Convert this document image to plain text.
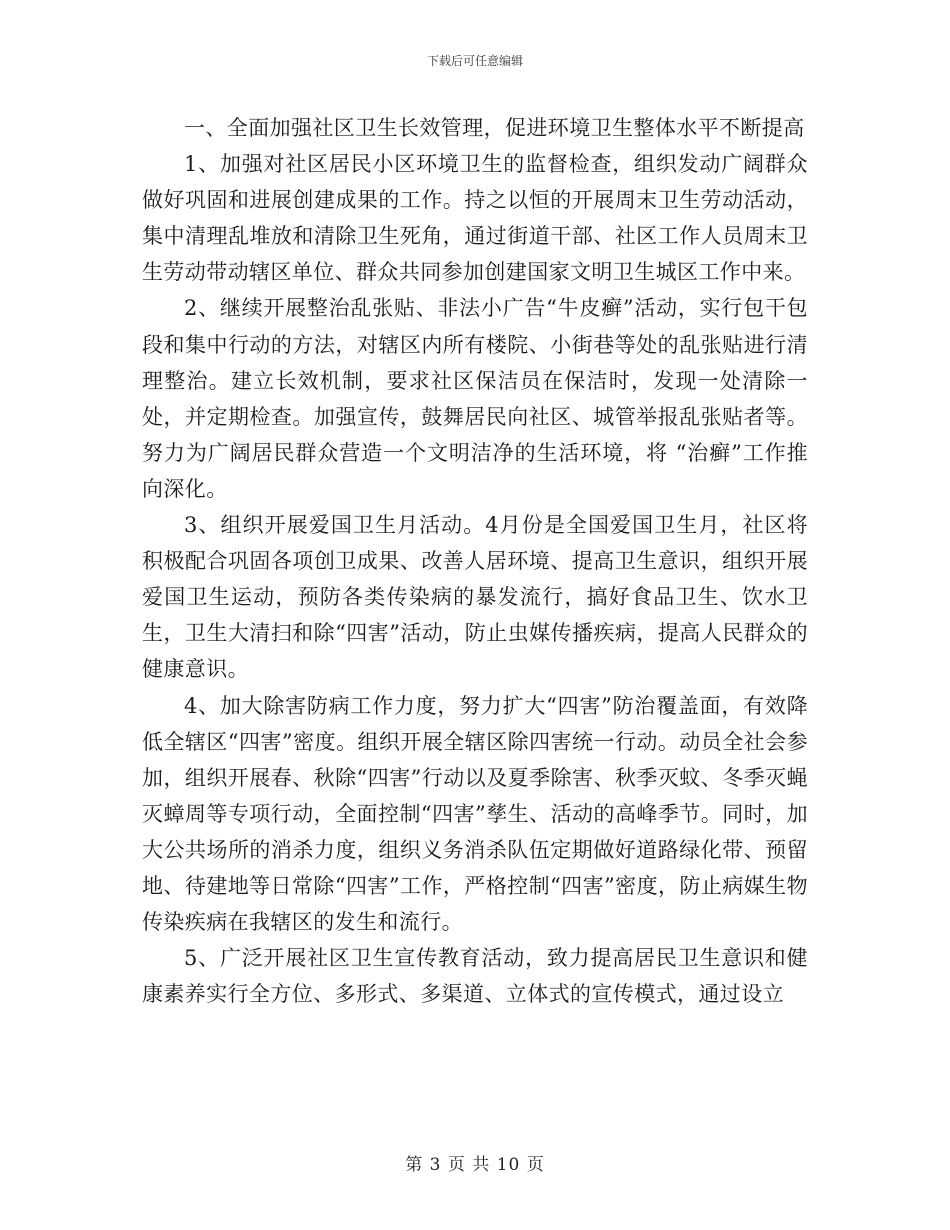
下载后可任意编辑

一、全面加强社区卫生长效管理，促进环境卫生整体水平不断提高

1、加强对社区居民小区环境卫生的监督检查，组织发动广阔群众做好巩固和进展创建成果的工作。持之以恒的开展周末卫生劳动活动，集中清理乱堆放和清除卫生死角，通过街道干部、社区工作人员周末卫生劳动带动辖区单位、群众共同参加创建国家文明卫生城区工作中来。

2、继续开展整治乱张贴、非法小广告“牛皮癣”活动，实行包干包段和集中行动的方法，对辖区内所有楼院、小街巷等处的乱张贴进行清理整治。建立长效机制，要求社区保洁员在保洁时，发现一处清除一处，并定期检查。加强宣传，鼓舞居民向社区、城管举报乱张贴者等。努力为广阔居民群众营造一个文明洁净的生活环境，将 “治癣”工作推向深化。

3、组织开展爱国卫生月活动。4月份是全国爱国卫生月，社区将积极配合巩固各项创卫成果、改善人居环境、提高卫生意识，组织开展爱国卫生运动，预防各类传染病的暴发流行，搞好食品卫生、饮水卫生，卫生大清扫和除“四害”活动，防止虫媒传播疾病，提高人民群众的健康意识。

4、加大除害防病工作力度，努力扩大“四害”防治覆盖面，有效降低全辖区“四害”密度。组织开展全辖区除四害统一行动。动员全社会参加，组织开展春、秋除“四害”行动以及夏季除害、秋季灭蚊、冬季灭蝇灭蟑周等专项行动，全面控制“四害”孳生、活动的高峰季节。同时，加大公共场所的消杀力度，组织义务消杀队伍定期做好道路绿化带、预留地、待建地等日常除“四害”工作，严格控制“四害”密度，防止病媒生物传染疾病在我辖区的发生和流行。

5、广泛开展社区卫生宣传教育活动，致力提高居民卫生意识和健康素养实行全方位、多形式、多渠道、立体式的宣传模式，通过设立

第 3 页 共 10 页
